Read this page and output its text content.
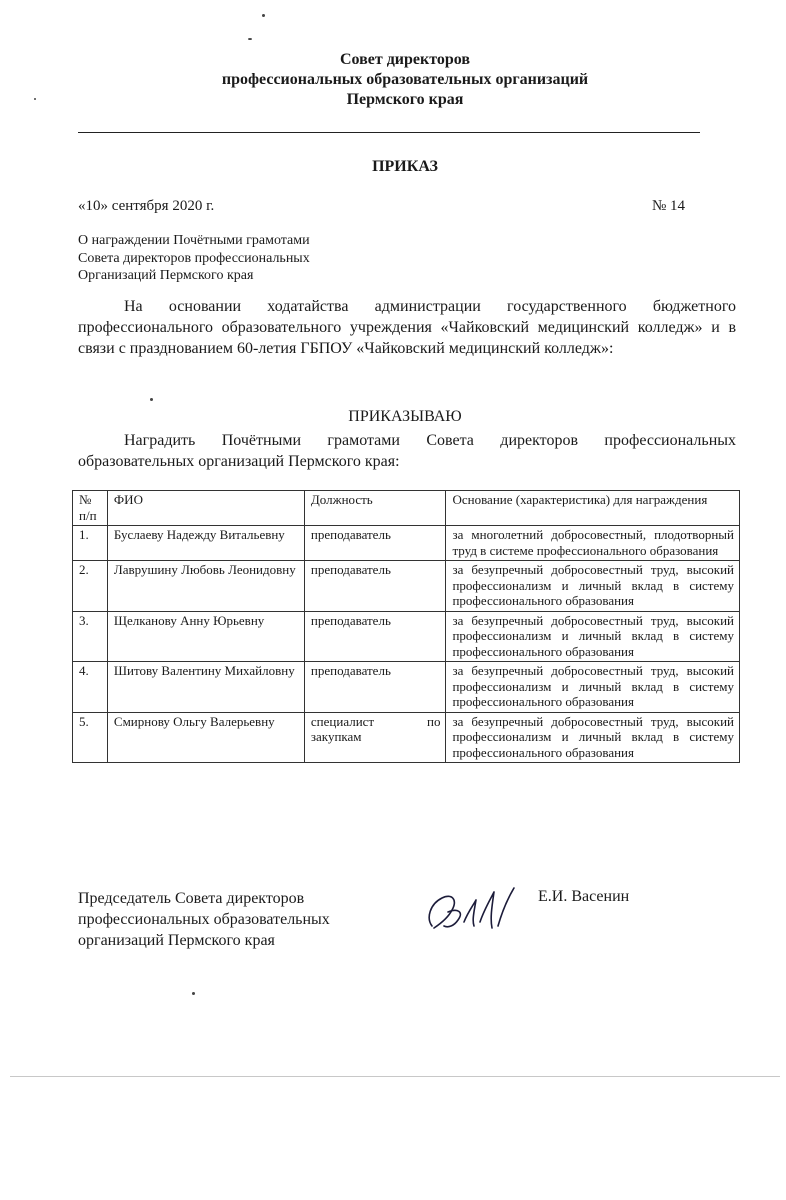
Совет директоров
профессиональных образовательных организаций
Пермского края
ПРИКАЗ
«10» сентября 2020 г.	№ 14
О награждении Почётными грамотами
Совета директоров профессиональных
Организаций Пермского края
На основании ходатайства администрации государственного бюджетного профессионального образовательного учреждения «Чайковский медицинский колледж» и в связи с празднованием 60-летия ГБПОУ «Чайковский медицинский колледж»:
ПРИКАЗЫВАЮ
Наградить Почётными грамотами Совета директоров профессиональных образовательных организаций Пермского края:
№ п/п	ФИО	Должность	Основание (характеристика) для награждения
1.	Буслаеву Надежду Витальевну	преподаватель	за многолетний добросовестный, плодотворный труд в системе профессионального образования
2.	Лаврушину Любовь Леонидовну	преподаватель	за безупречный добросовестный труд, высокий профессионализм и личный вклад в систему профессионального образования
3.	Щелканову Анну Юрьевну	преподаватель	за безупречный добросовестный труд, высокий профессионализм и личный вклад в систему профессионального образования
4.	Шитову Валентину Михайловну	преподаватель	за безупречный добросовестный труд, высокий профессионализм и личный вклад в систему профессионального образования
5.	Смирнову Ольгу Валерьевну	специалист по закупкам	за безупречный добросовестный труд, высокий профессионализм и личный вклад в систему профессионального образования
Председатель Совета директоров
профессиональных образовательных
организаций Пермского края
Е.И. Васенин
